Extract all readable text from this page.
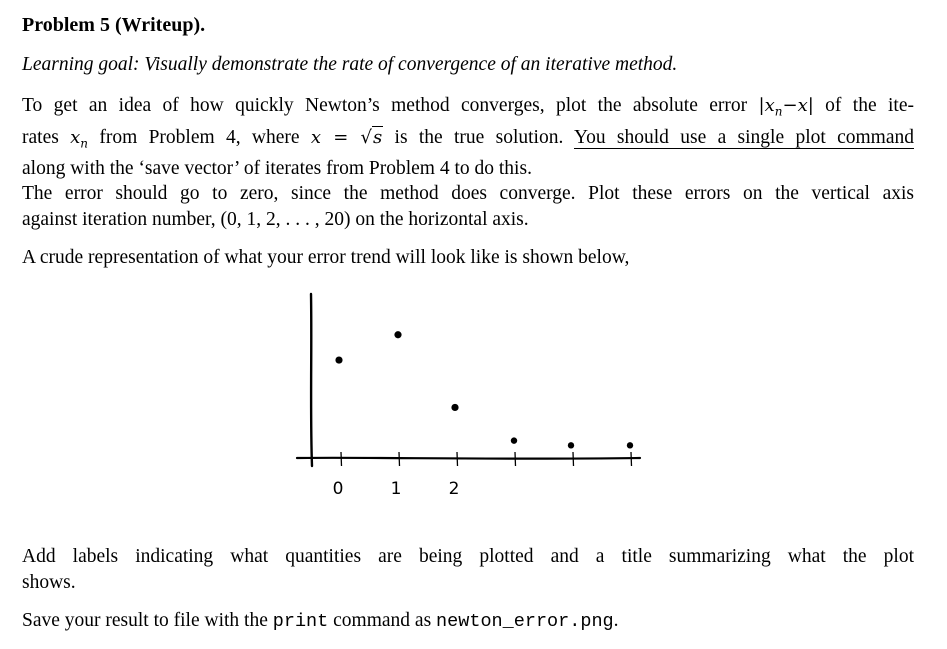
Problem 5 (Writeup).
Learning goal: Visually demonstrate the rate of convergence of an iterative method.
To get an idea of how quickly Newton’s method converges, plot the absolute error $|x_n-x|$ of the ite-
rates $x_n$ from Problem 4, where x = √s is the true solution. You should use a single plot command
along with the ‘save vector’ of iterates from Problem 4 to do this.
The error should go to zero, since the method does converge. Plot these errors on the vertical axis
against iteration number, (0, 1, 2, . . . , 20) on the horizontal axis.
A crude representation of what your error trend will look like is shown below,
0	1	2
Add labels indicating what quantities are being plotted and a title summarizing what the plot
shows.
Save your result to file with the print command as newton_error.png.
